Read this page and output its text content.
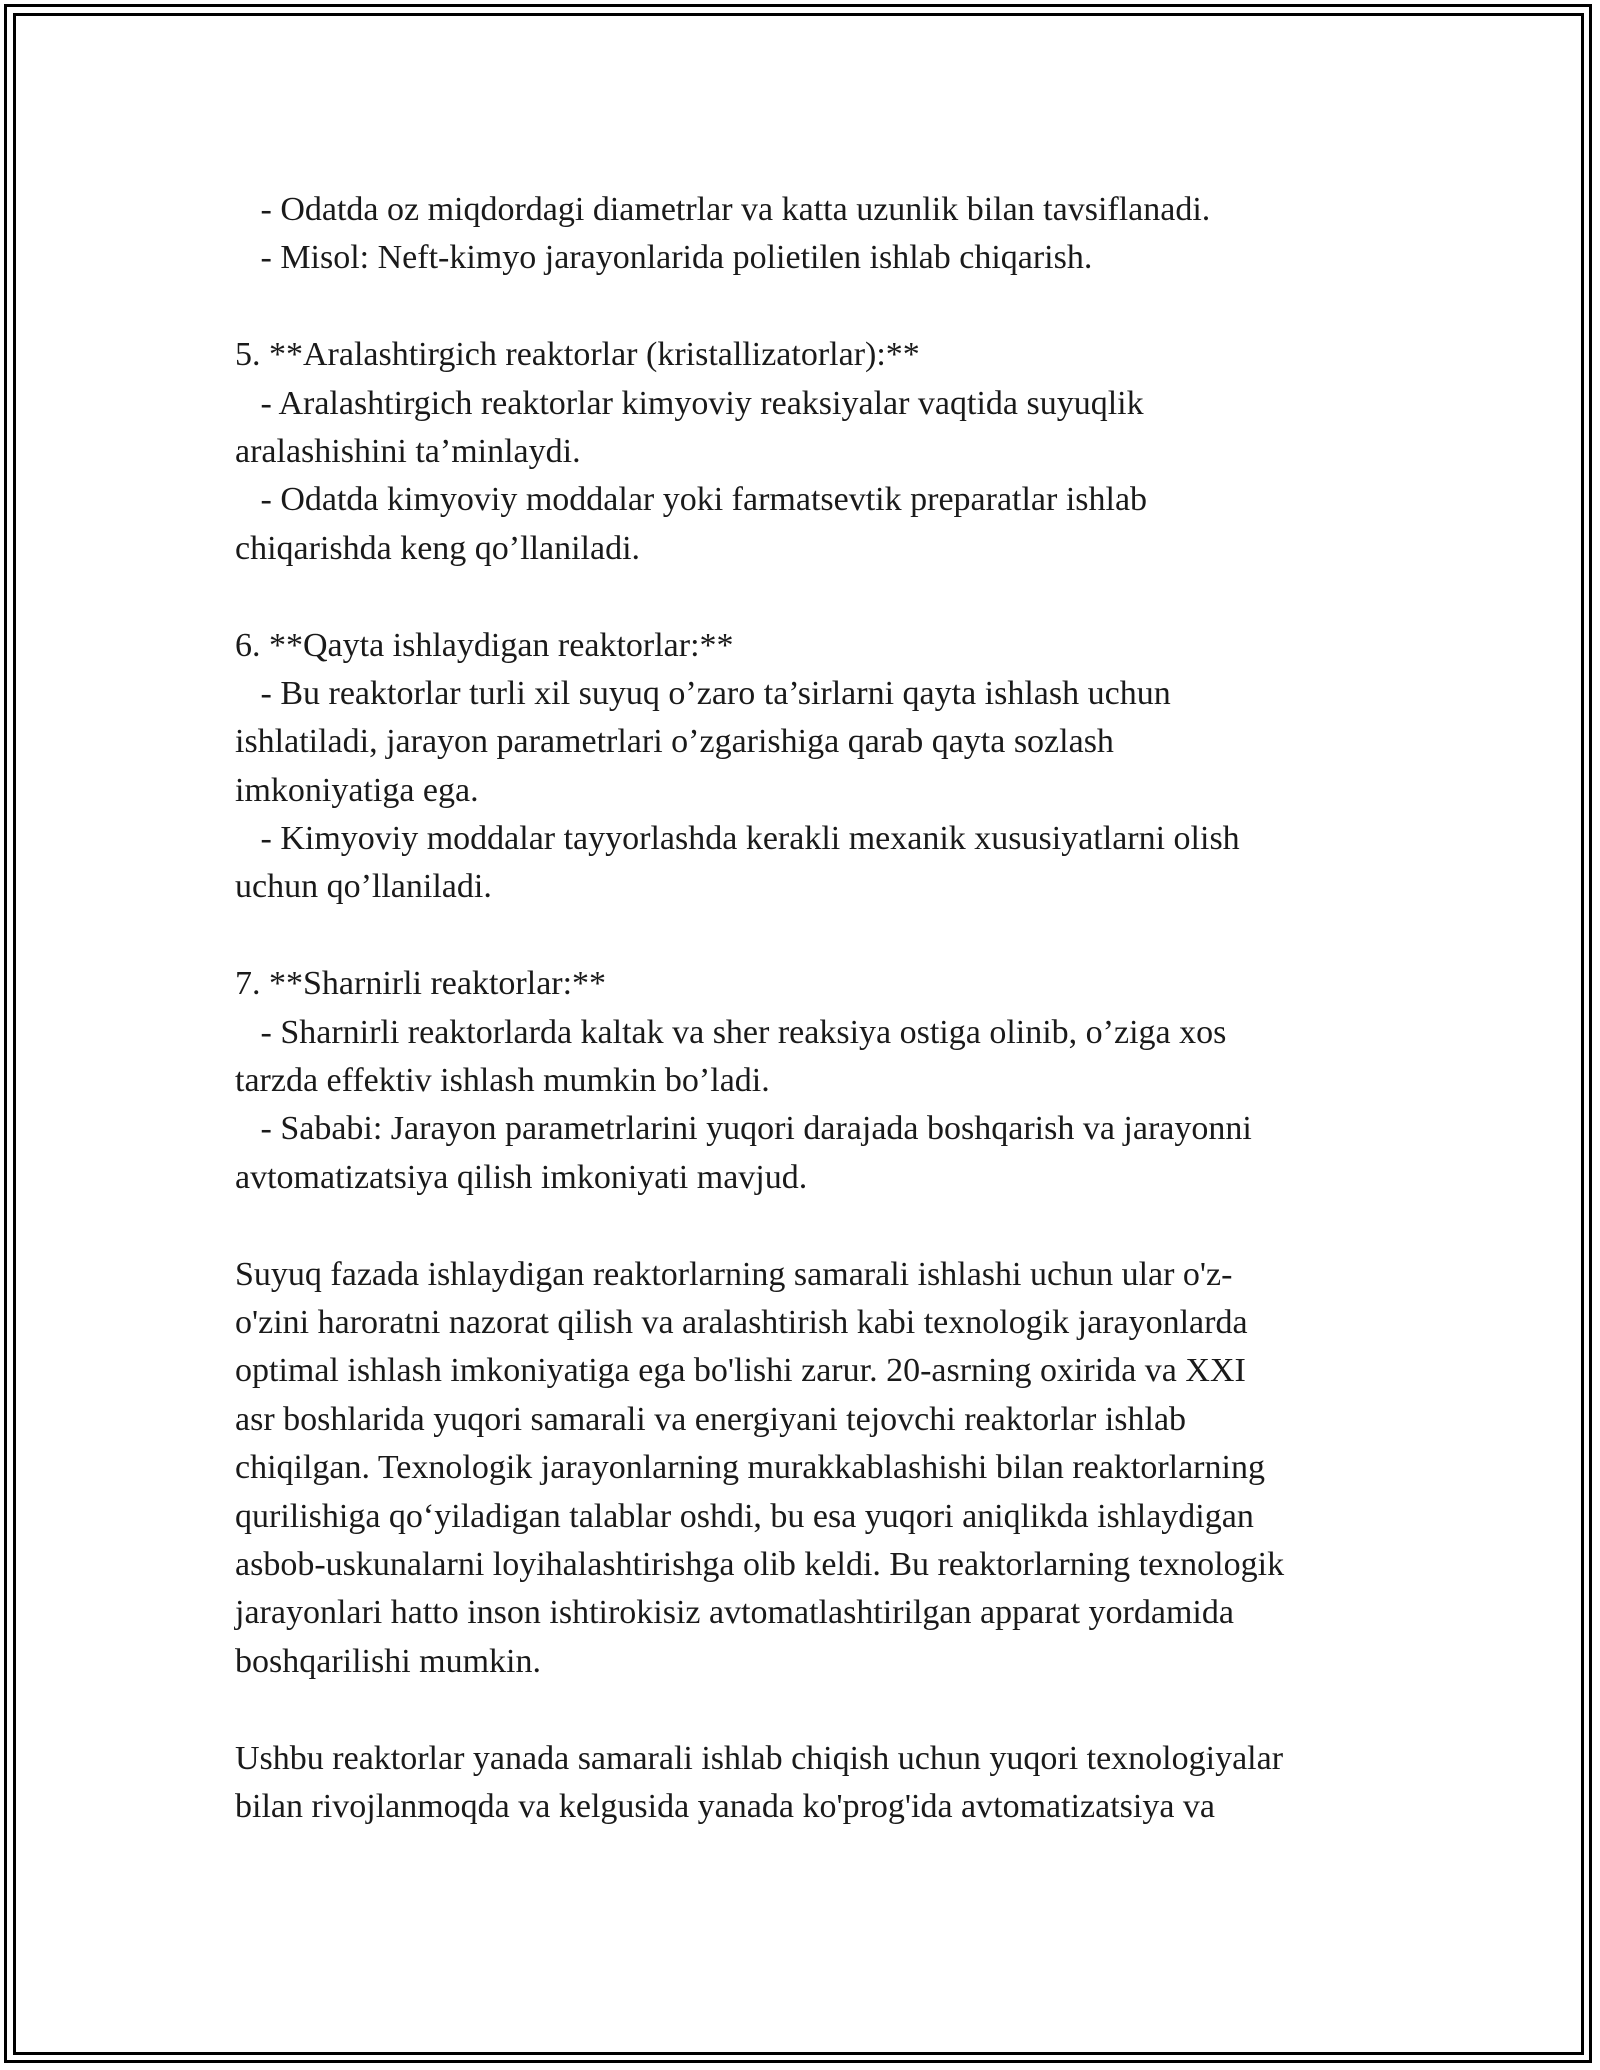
- Odatda oz miqdordagi diametrlar va katta uzunlik bilan tavsiflanadi.
- Misol: Neft-kimyo jarayonlarida polietilen ishlab chiqarish.
5. **Aralashtirgich reaktorlar (kristallizatorlar):**
- Aralashtirgich reaktorlar kimyoviy reaksiyalar vaqtida suyuqlik
aralashishini ta’minlaydi.
- Odatda kimyoviy moddalar yoki farmatsevtik preparatlar ishlab
chiqarishda keng qo’llaniladi.
6. **Qayta ishlaydigan reaktorlar:**
- Bu reaktorlar turli xil suyuq o’zaro ta’sirlarni qayta ishlash uchun
ishlatiladi, jarayon parametrlari o’zgarishiga qarab qayta sozlash
imkoniyatiga ega.
- Kimyoviy moddalar tayyorlashda kerakli mexanik xususiyatlarni olish
uchun qo’llaniladi.
7. **Sharnirli reaktorlar:**
- Sharnirli reaktorlarda kaltak va sher reaksiya ostiga olinib, o’ziga xos
tarzda effektiv ishlash mumkin bo’ladi.
- Sababi: Jarayon parametrlarini yuqori darajada boshqarish va jarayonni
avtomatizatsiya qilish imkoniyati mavjud.
Suyuq fazada ishlaydigan reaktorlarning samarali ishlashi uchun ular o'z-
o'zini haroratni nazorat qilish va aralashtirish kabi texnologik jarayonlarda
optimal ishlash imkoniyatiga ega bo'lishi zarur. 20-asrning oxirida va XXI
asr boshlarida yuqori samarali va energiyani tejovchi reaktorlar ishlab
chiqilgan. Texnologik jarayonlarning murakkablashishi bilan reaktorlarning
qurilishiga qo‘yiladigan talablar oshdi, bu esa yuqori aniqlikda ishlaydigan
asbob-uskunalarni loyihalashtirishga olib keldi. Bu reaktorlarning texnologik
jarayonlari hatto inson ishtirokisiz avtomatlashtirilgan apparat yordamida
boshqarilishi mumkin.
Ushbu reaktorlar yanada samarali ishlab chiqish uchun yuqori texnologiyalar
bilan rivojlanmoqda va kelgusida yanada ko'prog'ida avtomatizatsiya va
